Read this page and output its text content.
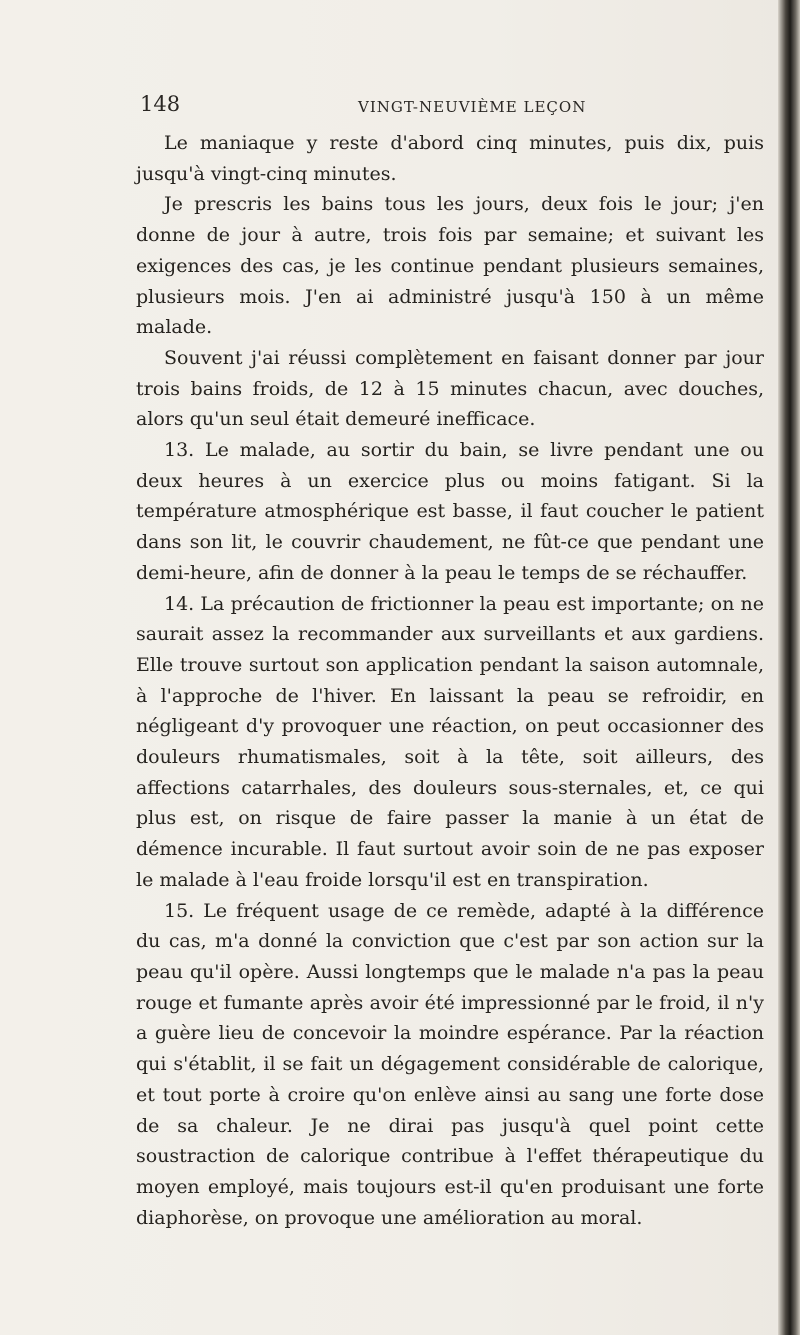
148	VINGT-NEUVIÈME LEÇON

Le maniaque y reste d'abord cinq minutes, puis dix, puis jusqu'à vingt-cinq minutes.

Je prescris les bains tous les jours, deux fois le jour; j'en donne de jour à autre, trois fois par semaine; et suivant les exigences des cas, je les continue pendant plusieurs semaines, plusieurs mois. J'en ai administré jusqu'à 150 à un même malade.

Souvent j'ai réussi complètement en faisant donner par jour trois bains froids, de 12 à 15 minutes chacun, avec douches, alors qu'un seul était demeuré inefficace.

13. Le malade, au sortir du bain, se livre pendant une ou deux heures à un exercice plus ou moins fatigant. Si la température atmosphérique est basse, il faut coucher le patient dans son lit, le couvrir chaudement, ne fût-ce que pendant une demi-heure, afin de donner à la peau le temps de se réchauffer.

14. La précaution de frictionner la peau est importante; on ne saurait assez la recommander aux surveillants et aux gardiens. Elle trouve surtout son application pendant la saison automnale, à l'approche de l'hiver. En laissant la peau se refroidir, en négligeant d'y provoquer une réaction, on peut occasionner des douleurs rhumatismales, soit à la tête, soit ailleurs, des affections catarrhales, des douleurs sous-sternales, et, ce qui plus est, on risque de faire passer la manie à un état de démence incurable. Il faut surtout avoir soin de ne pas exposer le malade à l'eau froide lorsqu'il est en transpiration.

15. Le fréquent usage de ce remède, adapté à la différence du cas, m'a donné la conviction que c'est par son action sur la peau qu'il opère. Aussi longtemps que le malade n'a pas la peau rouge et fumante après avoir été impressionné par le froid, il n'y a guère lieu de concevoir la moindre espérance. Par la réaction qui s'établit, il se fait un dégagement considérable de calorique, et tout porte à croire qu'on enlève ainsi au sang une forte dose de sa chaleur. Je ne dirai pas jusqu'à quel point cette soustraction de calorique contribue à l'effet thérapeutique du moyen employé, mais toujours est-il qu'en produisant une forte diaphorèse, on provoque une amélioration au moral.
